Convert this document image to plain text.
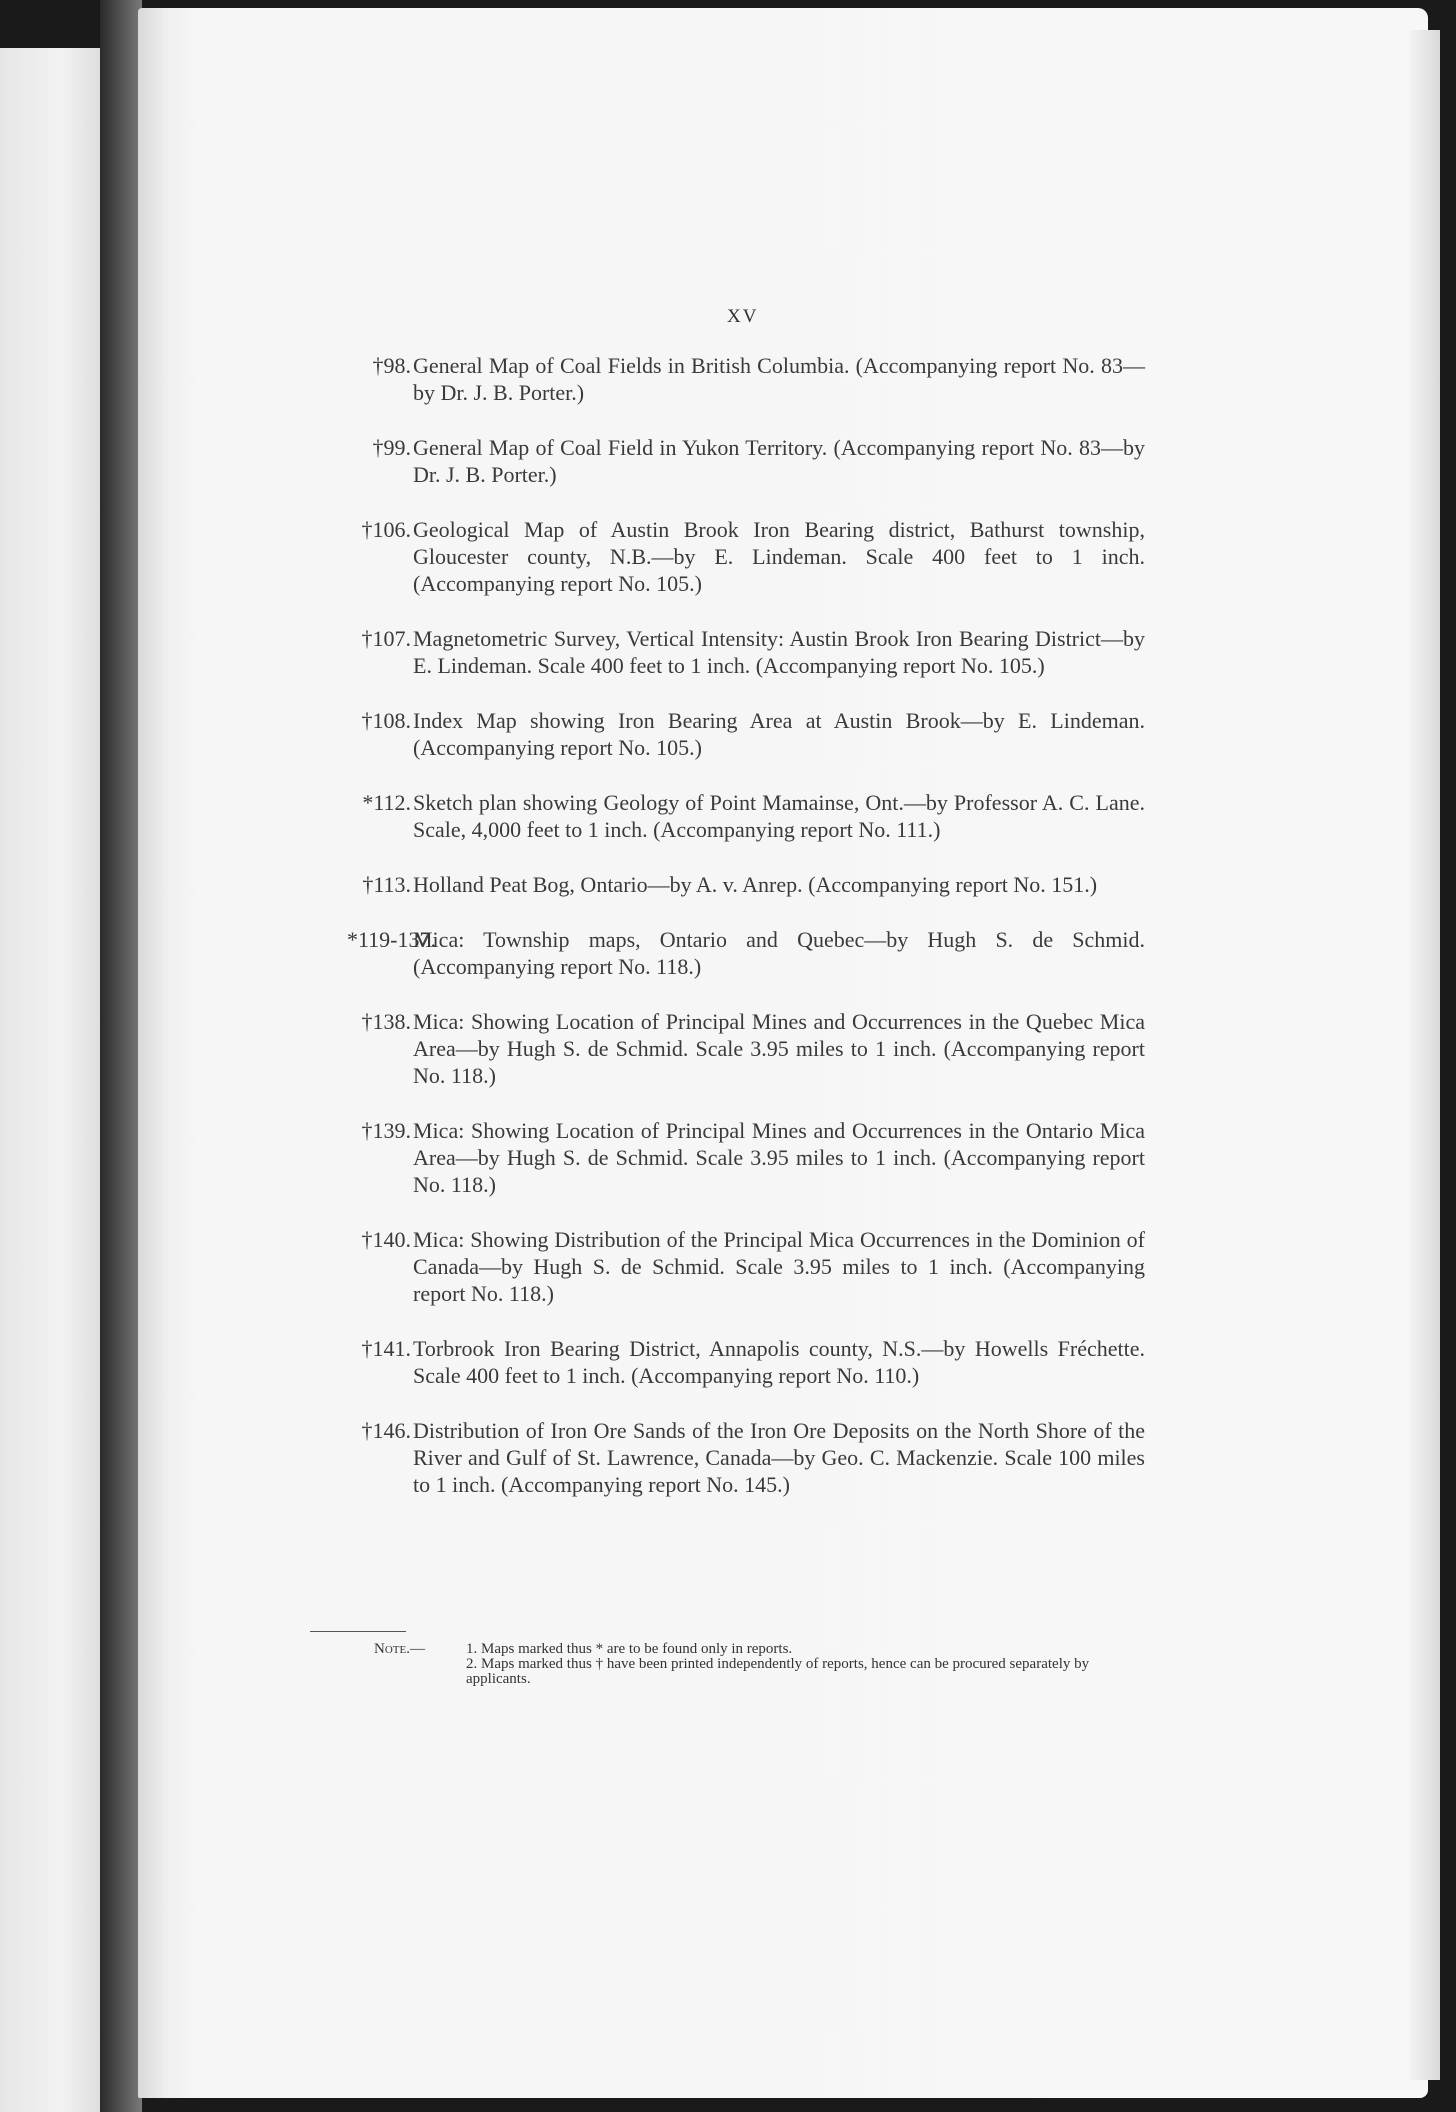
XV
†98. General Map of Coal Fields in British Columbia. (Accompanying report No. 83—by Dr. J. B. Porter.)
†99. General Map of Coal Field in Yukon Territory. (Accompanying report No. 83—by Dr. J. B. Porter.)
†106. Geological Map of Austin Brook Iron Bearing district, Bathurst township, Gloucester county, N.B.—by E. Lindeman. Scale 400 feet to 1 inch. (Accompanying report No. 105.)
†107. Magnetometric Survey, Vertical Intensity: Austin Brook Iron Bearing District—by E. Lindeman. Scale 400 feet to 1 inch. (Accompanying report No. 105.)
†108. Index Map showing Iron Bearing Area at Austin Brook—by E. Lindeman. (Accompanying report No. 105.)
*112. Sketch plan showing Geology of Point Mamainse, Ont.—by Professor A. C. Lane. Scale, 4,000 feet to 1 inch. (Accompanying report No. 111.)
†113. Holland Peat Bog, Ontario—by A. v. Anrep. (Accompanying report No. 151.)
*119-137.
Mica: Township maps, Ontario and Quebec—by Hugh S. de Schmid. (Accompanying report No. 118.)
†138. Mica: Showing Location of Principal Mines and Occurrences in the Quebec Mica Area—by Hugh S. de Schmid. Scale 3.95 miles to 1 inch. (Accompanying report No. 118.)
†139. Mica: Showing Location of Principal Mines and Occurrences in the Ontario Mica Area—by Hugh S. de Schmid. Scale 3.95 miles to 1 inch. (Accompanying report No. 118.)
†140. Mica: Showing Distribution of the Principal Mica Occurrences in the Dominion of Canada—by Hugh S. de Schmid. Scale 3.95 miles to 1 inch. (Accompanying report No. 118.)
†141. Torbrook Iron Bearing District, Annapolis county, N.S.—by Howells Fréchette. Scale 400 feet to 1 inch. (Accompanying report No. 110.)
†146. Distribution of Iron Ore Sands of the Iron Ore Deposits on the North Shore of the River and Gulf of St. Lawrence, Canada—by Geo. C. Mackenzie. Scale 100 miles to 1 inch. (Accompanying report No. 145.)
Note.—	1. Maps marked thus * are to be found only in reports.
2. Maps marked thus † have been printed independently of reports, hence can be procured separately by applicants.
